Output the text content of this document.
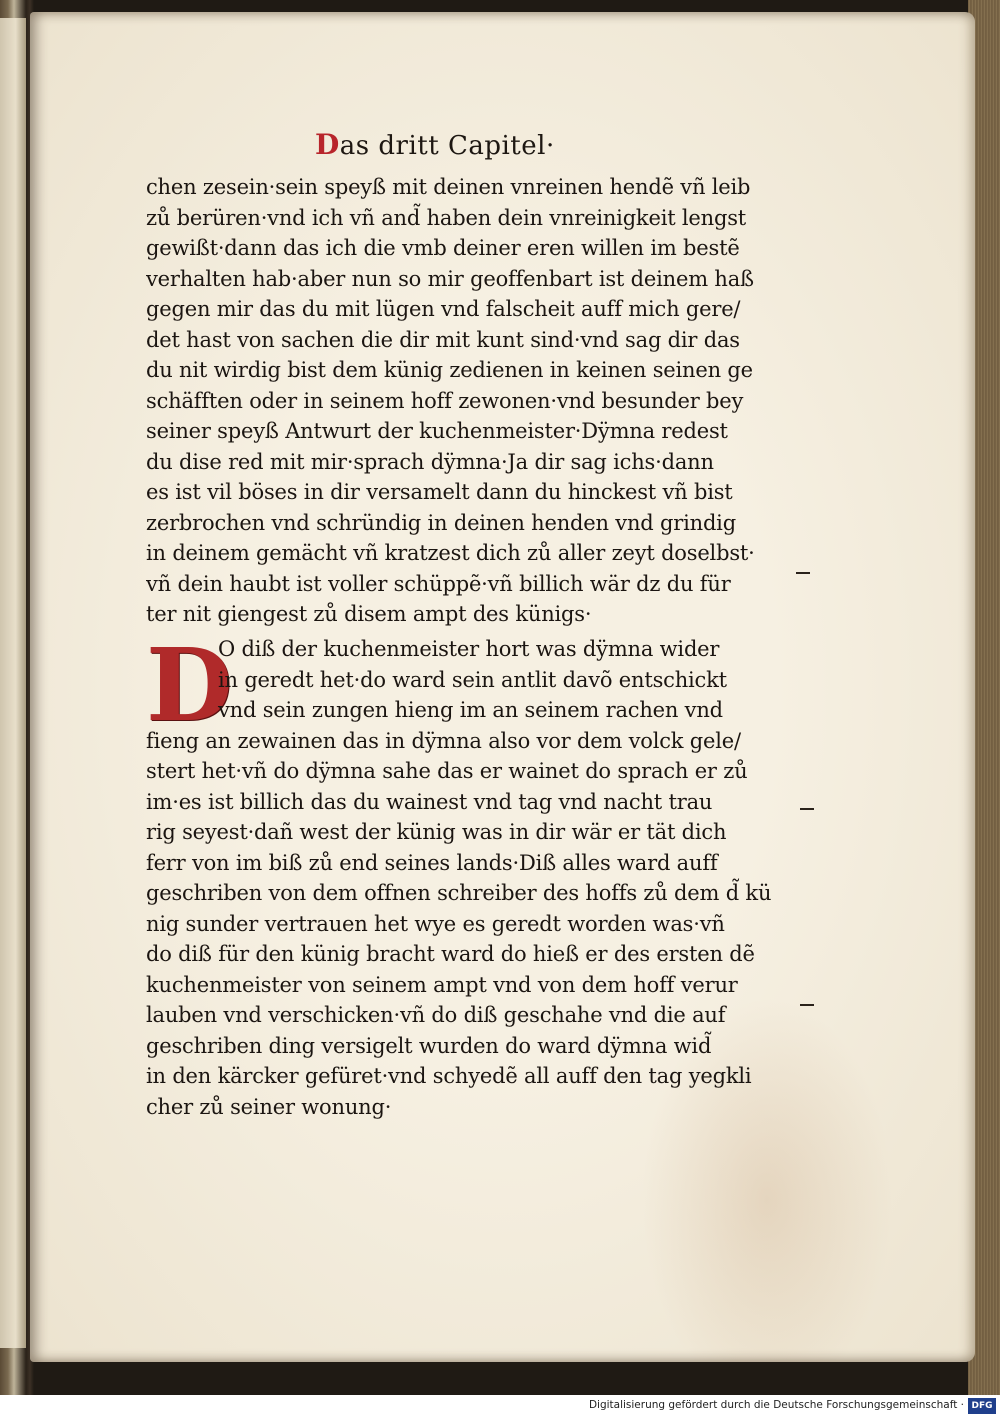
Das dritt Capitel·
chen zesein·sein speyß mit deinen vnreinen hendẽ vñ leib
zů berüren·vnd ich vñ and̃ haben dein vnreinigkeit lengst
gewißt·dann das ich die vmb deiner eren willen im bestẽ
verhalten hab·aber nun so mir geoffenbart ist deinem haß
gegen mir das du mit lügen vnd falscheit auff mich gere/
det hast von sachen die dir mit kunt sind·vnd sag dir das
du nit wirdig bist dem künig zedienen in keinen seinen ge
schäfften oder in seinem hoff zewonen·vnd besunder bey
seiner speyß Antwurt der kuchenmeister·Dÿmna redest
du dise red mit mir·sprach dÿmna·Ja dir sag ichs·dann
es ist vil böses in dir versamelt dann du hinckest vñ bist
zerbrochen vnd schründig in deinen henden vnd grindig
in deinem gemächt vñ kratzest dich zů aller zeyt doselbst·
vñ dein haubt ist voller schüppẽ·vñ billich wär dz du für
ter nit giengest zů disem ampt des künigs·
D
O diß der kuchenmeister hort was dÿmna wider
in geredt het·do ward sein antlit davõ entschickt
vnd sein zungen hieng im an seinem rachen vnd
fieng an zewainen das in dÿmna also vor dem volck gele/
stert het·vñ do dÿmna sahe das er wainet do sprach er zů
im·es ist billich das du wainest vnd tag vnd nacht trau
rig seyest·dañ west der künig was in dir wär er tät dich
ferr von im biß zů end seines lands·Diß alles ward auff
geschriben von dem offnen schreiber des hoffs zů dem d̃ kü
nig sunder vertrauen het wye es geredt worden was·vñ
do diß für den künig bracht ward do hieß er des ersten dẽ
kuchenmeister von seinem ampt vnd von dem hoff verur
lauben vnd verschicken·vñ do diß geschahe vnd die auf
geschriben ding versigelt wurden do ward dÿmna wid̃
in den kärcker gefüret·vnd schyedẽ all auff den tag yegkli
cher zů seiner wonung·
Digitalisierung gefördert durch die Deutsche Forschungsgemeinschaft · DFG
